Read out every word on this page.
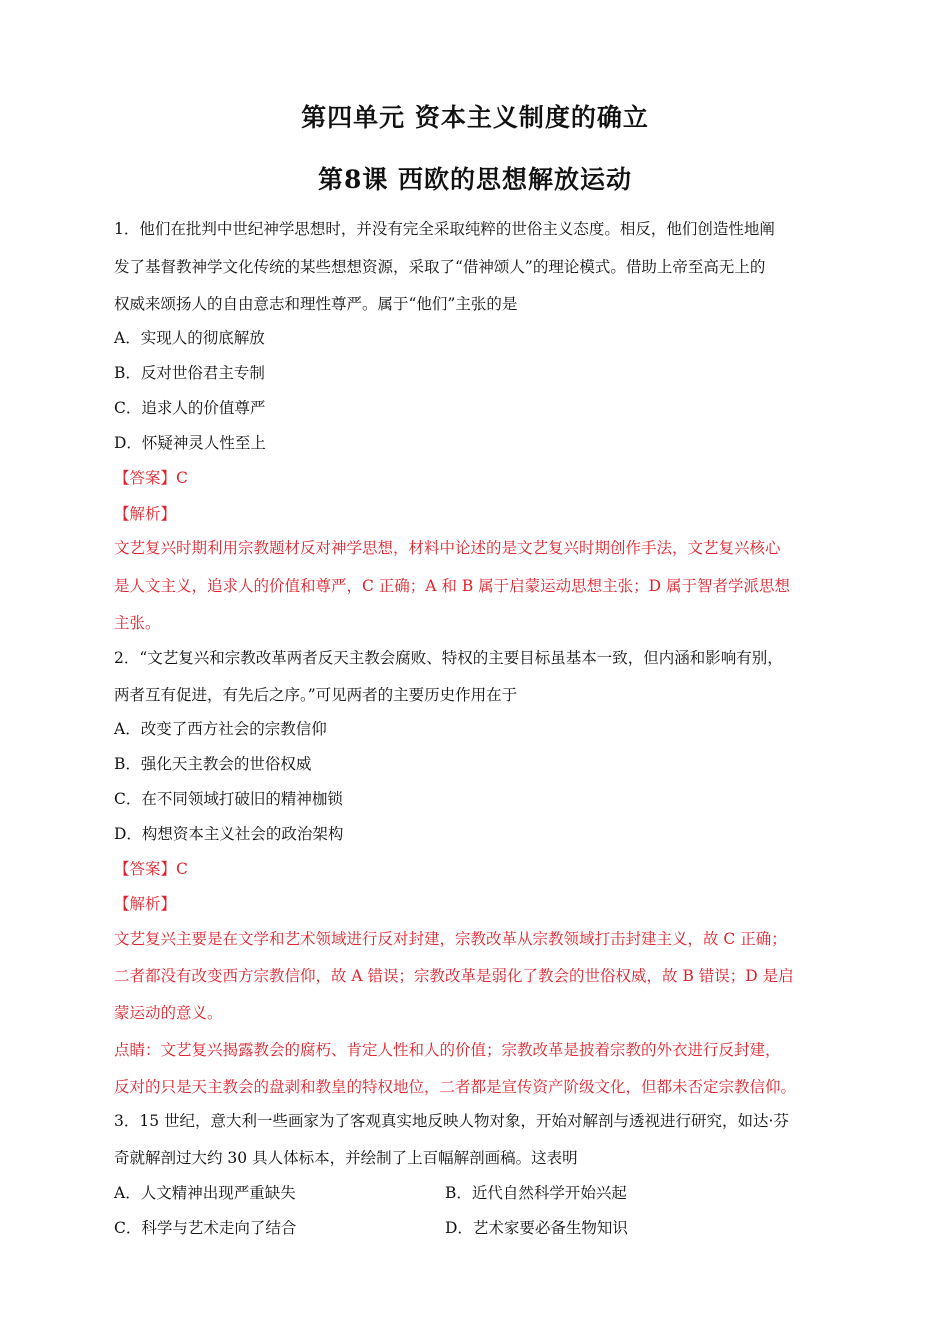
第四单元 资本主义制度的确立
第8课 西欧的思想解放运动
1．他们在批判中世纪神学思想时，并没有完全采取纯粹的世俗主义态度。相反，他们创造性地阐
发了基督教神学文化传统的某些想想资源，采取了“借神颂人”的理论模式。借助上帝至高无上的
权威来颂扬人的自由意志和理性尊严。属于“他们”主张的是
A．实现人的彻底解放
B．反对世俗君主专制
C．追求人的价值尊严
D．怀疑神灵人性至上
【答案】C
【解析】
文艺复兴时期利用宗教题材反对神学思想，材料中论述的是文艺复兴时期创作手法，文艺复兴核心
是人文主义，追求人的价值和尊严，C 正确；A 和 B 属于启蒙运动思想主张；D 属于智者学派思想
主张。
2．“文艺复兴和宗教改革两者反天主教会腐败、特权的主要目标虽基本一致，但内涵和影响有别，
两者互有促进，有先后之序。”可见两者的主要历史作用在于
A．改变了西方社会的宗教信仰
B．强化天主教会的世俗权威
C．在不同领域打破旧的精神枷锁
D．构想资本主义社会的政治架构
【答案】C
【解析】
文艺复兴主要是在文学和艺术领域进行反对封建，宗教改革从宗教领域打击封建主义，故 C 正确；
二者都没有改变西方宗教信仰，故 A 错误；宗教改革是弱化了教会的世俗权威，故 B 错误；D 是启
蒙运动的意义。
点睛：文艺复兴揭露教会的腐朽、肯定人性和人的价值；宗教改革是披着宗教的外衣进行反封建，
反对的只是天主教会的盘剥和教皇的特权地位，二者都是宣传资产阶级文化，但都未否定宗教信仰。
3．15 世纪，意大利一些画家为了客观真实地反映人物对象，开始对解剖与透视进行研究，如达·芬
奇就解剖过大约 30 具人体标本，并绘制了上百幅解剖画稿。这表明
A．人文精神出现严重缺失	B．近代自然科学开始兴起
C．科学与艺术走向了结合	D．艺术家要必备生物知识
